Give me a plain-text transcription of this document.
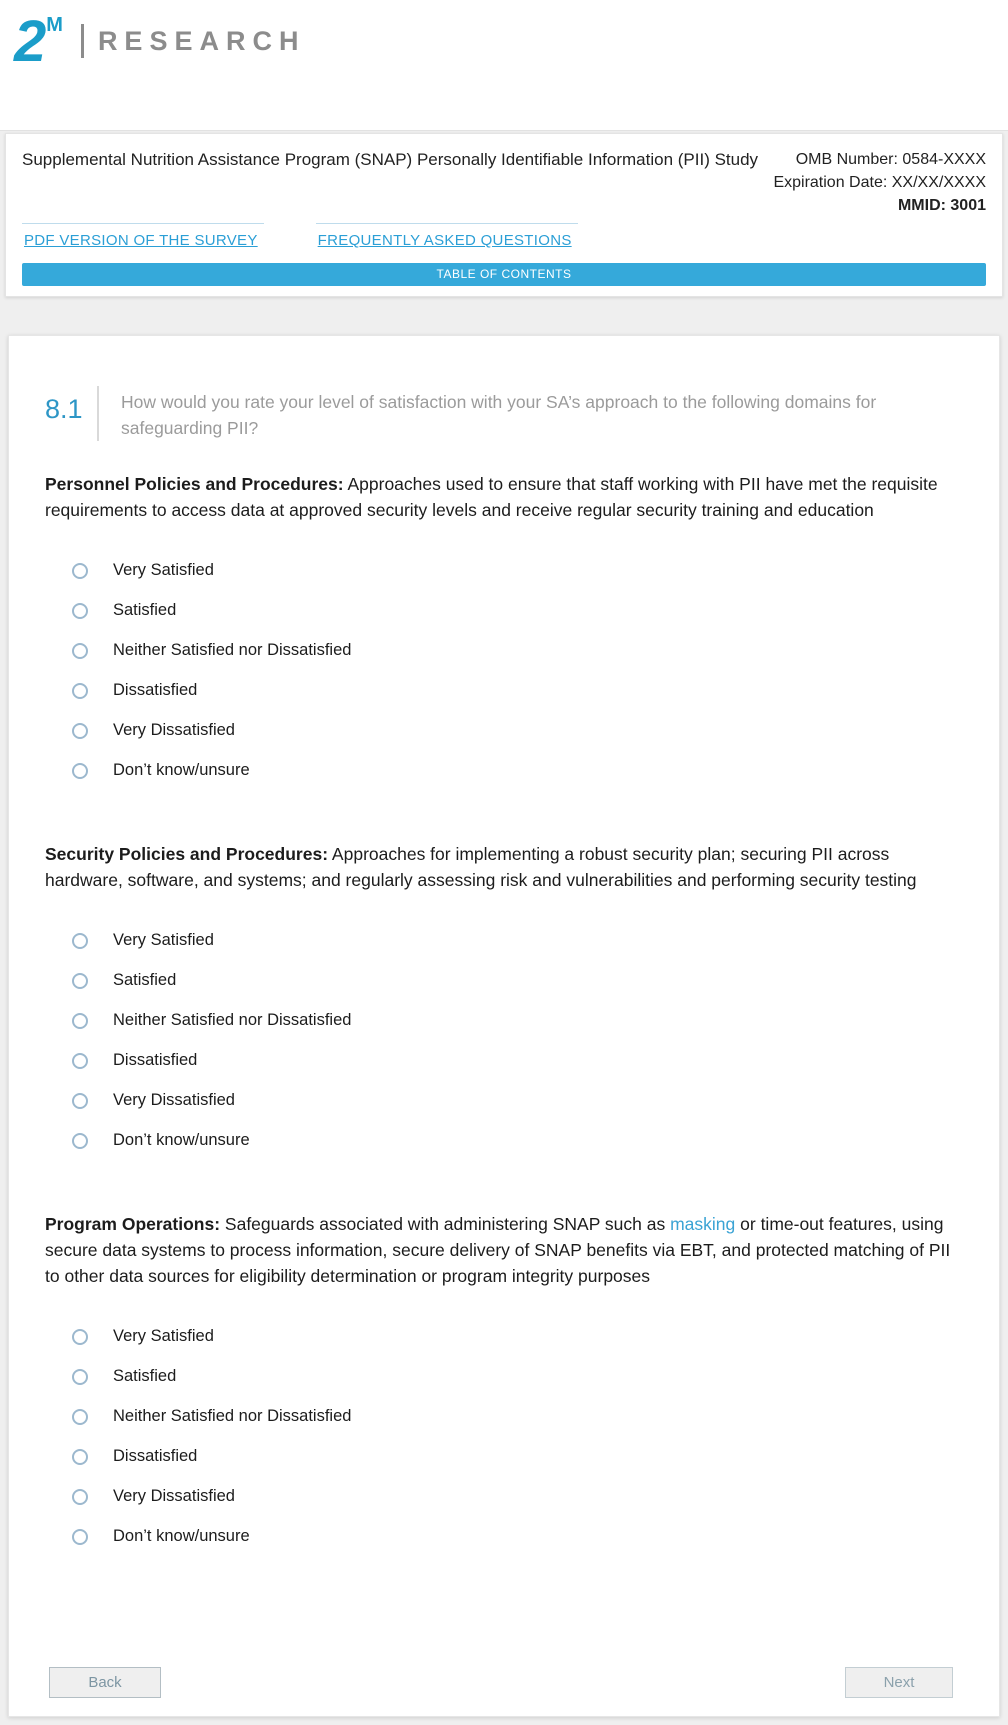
2 M
RESEARCH
Supplemental Nutrition Assistance Program (SNAP) Personally Identifiable Information (PII) Study	OMB Number: 0584-XXXX
Expiration Date: XX/XX/XXXX
MMID: 3001
PDF VERSION OF THE SURVEY	FREQUENTLY ASKED QUESTIONS
TABLE OF CONTENTS
8.1	How would you rate your level of satisfaction with your SA’s approach to the following domains for safeguarding PII?
Personnel Policies and Procedures: Approaches used to ensure that staff working with PII have met the requisite requirements to access data at approved security levels and receive regular security training and education
Very Satisfied
Satisfied
Neither Satisfied nor Dissatisfied
Dissatisfied
Very Dissatisfied
Don’t know/unsure
Security Policies and Procedures: Approaches for implementing a robust security plan; securing PII across hardware, software, and systems; and regularly assessing risk and vulnerabilities and performing security testing
Very Satisfied
Satisfied
Neither Satisfied nor Dissatisfied
Dissatisfied
Very Dissatisfied
Don’t know/unsure
Program Operations: Safeguards associated with administering SNAP such as masking or time-out features, using secure data systems to process information, secure delivery of SNAP benefits via EBT, and protected matching of PII to other data sources for eligibility determination or program integrity purposes
Very Satisfied
Satisfied
Neither Satisfied nor Dissatisfied
Dissatisfied
Very Dissatisfied
Don’t know/unsure
Back	Next
